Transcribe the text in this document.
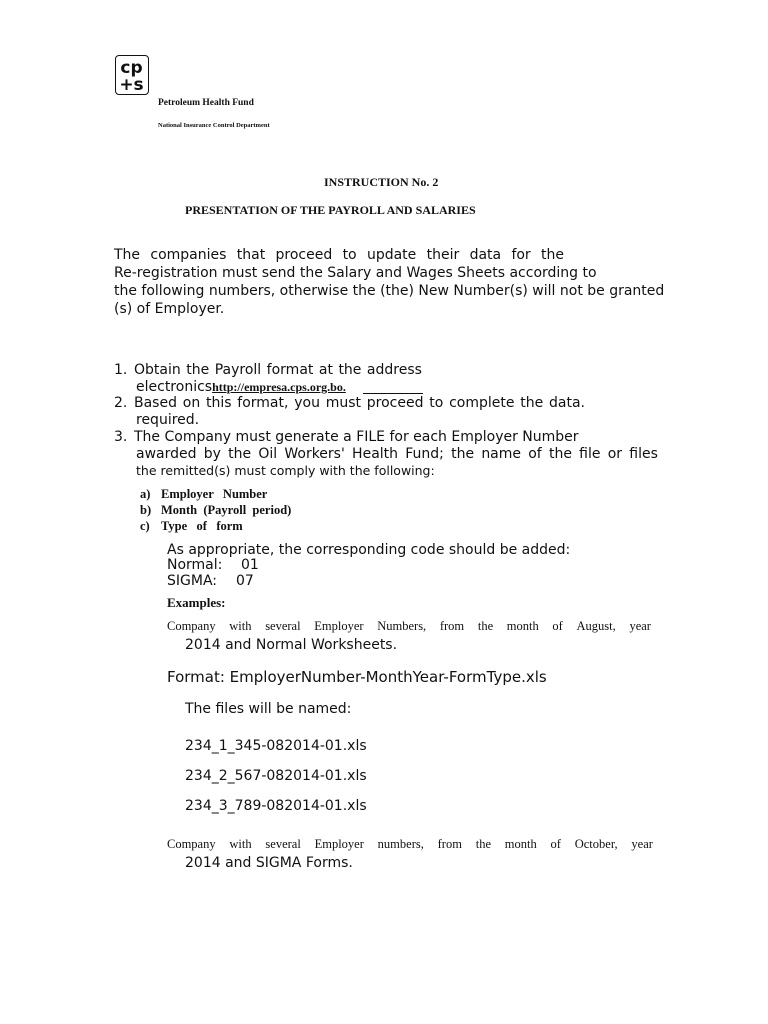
cp
+s
Petroleum Health Fund
National Insurance Control Department
INSTRUCTION No. 2
PRESENTATION OF THE PAYROLL AND SALARIES
The companies that proceed to update their data for the
Re-registration must send the Salary and Wages Sheets according to
the following numbers, otherwise the (the) New Number(s) will not be granted
(s) of Employer.
1. Obtain the Payroll format at the address
electronicshttp://empresa.cps.org.bo.
2. Based on this format, you must proceed to complete the data.
required.
3. The Company must generate a FILE for each Employer Number
awarded by the Oil Workers' Health Fund; the name of the file or files
the remitted(s) must comply with the following:
a) Employer   Number
b) Month  (Payroll  period)
c) Type   of   form
As appropriate, the corresponding code should be added:
Normal: 01
SIGMA: 07
Examples:
Company with several Employer Numbers, from the month of August, year
2014 and Normal Worksheets.
Format: EmployerNumber-MonthYear-FormType.xls
The files will be named:
234_1_345-082014-01.xls
234_2_567-082014-01.xls
234_3_789-082014-01.xls
Company with several Employer numbers, from the month of October, year
2014 and SIGMA Forms.
